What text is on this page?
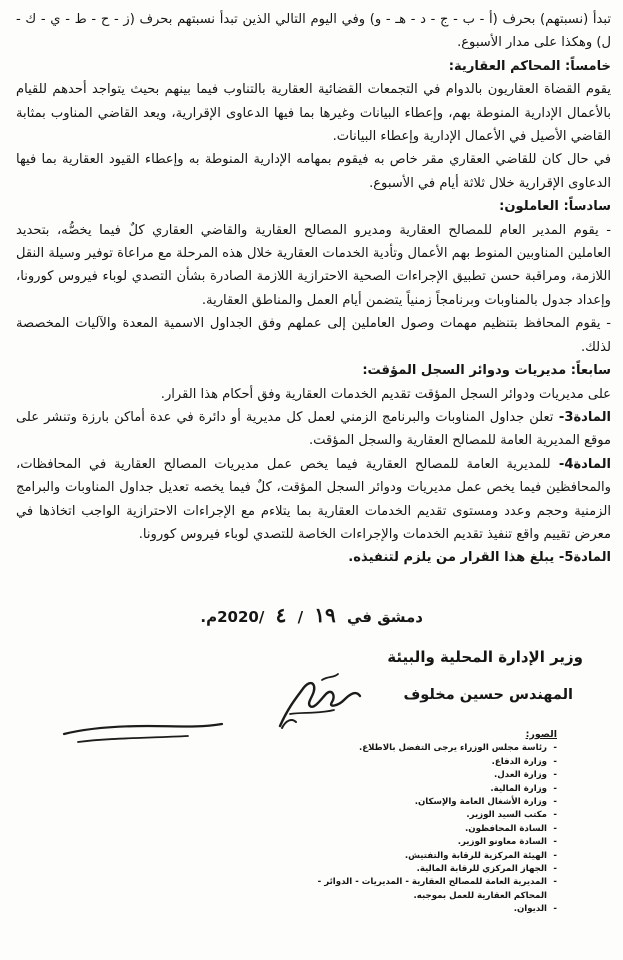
تبدأ (نسبتهم) بحرف (أ - ب - ج - د - هـ - و) وفي اليوم التالي الذين تبدأ نسبتهم بحرف (ز - ح - ط - ي - ك - ل) وهكذا على مدار الأسبوع.

خامساً: المحاكم العقارية:

يقوم القضاة العقاريون بالدوام في التجمعات القضائية العقارية بالتناوب فيما بينهم بحيث يتواجد أحدهم للقيام بالأعمال الإدارية المنوطة بهم، وإعطاء البيانات وغيرها بما فيها الدعاوى الإقرارية، ويعد القاضي المناوب بمثابة القاضي الأصيل في الأعمال الإدارية وإعطاء البيانات.

في حال كان للقاضي العقاري مقر خاص به فيقوم بمهامه الإدارية المنوطة به وإعطاء القيود العقارية بما فيها الدعاوى الإقرارية خلال ثلاثة أيام في الأسبوع.

سادساً: العاملون:

- يقوم المدير العام للمصالح العقارية ومديرو المصالح العقارية والقاضي العقاري كلٌ فيما يخصُّه، بتحديد العاملين المناوبين المنوط بهم الأعمال وتأدية الخدمات العقارية خلال هذه المرحلة مع مراعاة توفير وسيلة النقل اللازمة، ومراقبة حسن تطبيق الإجراءات الصحية الاحترازية اللازمة الصادرة بشأن التصدي لوباء فيروس كورونا، وإعداد جدول بالمناوبات وبرنامجاً زمنياً يتضمن أيام العمل والمناطق العقارية.

- يقوم المحافظ بتنظيم مهمات وصول العاملين إلى عملهم وفق الجداول الاسمية المعدة والآليات المخصصة لذلك.

سابعاً: مديريات ودوائر السجل المؤقت:

على مديريات ودوائر السجل المؤقت تقديم الخدمات العقارية وفق أحكام هذا القرار.

المادة3- تعلن جداول المناوبات والبرنامج الزمني لعمل كل مديرية أو دائرة في عدة أماكن بارزة وتنشر على موقع المديرية العامة للمصالح العقارية والسجل المؤقت.

المادة4- للمديرية العامة للمصالح العقارية فيما يخص عمل مديريات المصالح العقارية في المحافظات، والمحافظين فيما يخص عمل مديريات ودوائر السجل المؤقت، كلٌ فيما يخصه تعديل جداول المناوبات والبرامج الزمنية وحجم وعدد ومستوى تقديم الخدمات العقارية بما يتلاءم مع الإجراءات الاحترازية الواجب اتخاذها في معرض تقييم واقع تنفيذ تقديم الخدمات والإجراءات الخاصة للتصدي لوباء فيروس كورونا.

المادة5- يبلغ هذا القرار من يلزم لتنفيذه.

دمشق في ١٩ / ٤ /2020م.
وزير الإدارة المحلية والبيئة
المهندس حسين مخلوف
الصور:
- رئاسة مجلس الوزراء يرجى التفضل بالاطلاع.
- وزارة الدفاع.
- وزارة العدل.
- وزارة المالية.
- وزارة الأشغال العامة والإسكان.
- مكتب السيد الوزير.
- السادة المحافظون.
- السادة معاونو الوزير.
- الهيئة المركزية للرقابة والتفتيش.
- الجهاز المركزي للرقابة المالية.
- المديرية العامة للمصالح العقارية - المديريات - الدوائر - المحاكم العقارية للعمل بموجبه.
- الديوان.
